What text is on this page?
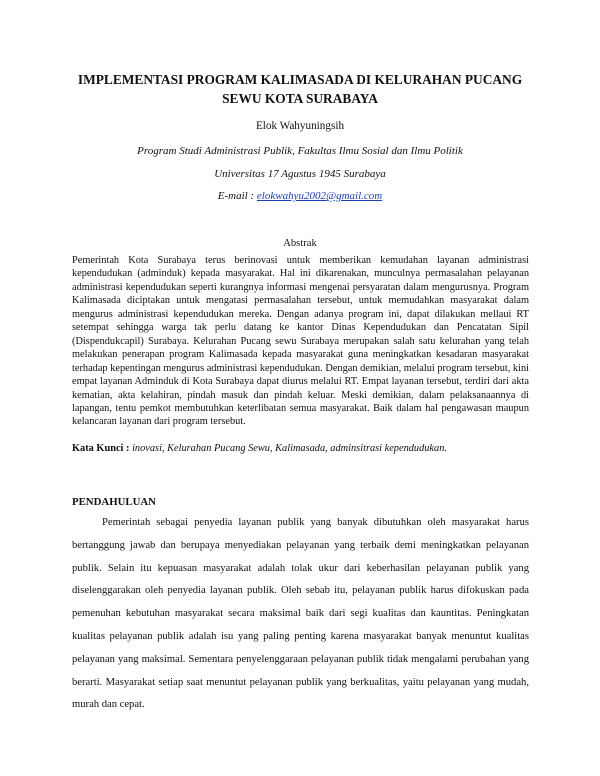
IMPLEMENTASI PROGRAM KALIMASADA DI KELURAHAN PUCANG SEWU KOTA SURABAYA

Elok Wahyuningsih

Program Studi Administrasi Publik, Fakultas Ilmu Sosial dan Ilmu Politik

Universitas 17 Agustus 1945 Surabaya

E-mail : elokwahyu2002@gmail.com

Abstrak

Pemerintah Kota Surabaya terus berinovasi untuk memberikan kemudahan layanan administrasi kependudukan (adminduk) kepada masyarakat. Hal ini dikarenakan, munculnya permasalahan pelayanan administrasi kependudukan seperti kurangnya informasi mengenai persyaratan dalam mengurusnya. Program Kalimasada diciptakan untuk mengatasi permasalahan tersebut, untuk memudahkan masyarakat dalam mengurus administrasi kependudukan mereka. Dengan adanya program ini, dapat dilakukan mellaui RT setempat sehingga warga tak perlu datang ke kantor Dinas Kependudukan dan Pencatatan Sipil (Dispendukcapil) Surabaya. Kelurahan Pucang sewu Surabaya merupakan salah satu kelurahan yang telah melakukan penerapan program Kalimasada kepada masyarakat guna meningkatkan kesadaran masyarakat terhadap kepentingan mengurus administrasi kependudukan. Dengan demikian, melalui program tersebut, kini empat layanan Adminduk di Kota Surabaya dapat diurus melalui RT. Empat layanan tersebut, terdiri dari akta kematian, akta kelahiran, pindah masuk dan pindah keluar. Meski demikian, dalam pelaksanaannya di lapangan, tentu pemkot membutuhkan keterlibatan semua masyarakat. Baik dalam hal pengawasan maupun kelancaran layanan dari program tersebut.

Kata Kunci : inovasi, Kelurahan Pucang Sewu, Kalimasada, adminsitrasi kependudukan.

PENDAHULUAN

Pemerintah sebagai penyedia layanan publik yang banyak dibutuhkan oleh masyarakat harus bertanggung jawab dan berupaya menyediakan pelayanan yang terbaik demi meningkatkan pelayanan publik. Selain itu kepuasan masyarakat adalah tolak ukur dari keberhasilan pelayanan publik yang diselenggarakan oleh penyedia layanan publik. Oleh sebab itu, pelayanan publik harus difokuskan pada pemenuhan kebutuhan masyarakat secara maksimal baik dari segi kualitas dan kauntitas. Peningkatan kualitas pelayanan publik adalah isu yang paling penting karena masyarakat banyak menuntut kualitas pelayanan yang maksimal. Sementara penyelenggaraan pelayanan publik tidak mengalami perubahan yang berarti. Masyarakat setiap saat menuntut pelayanan publik yang berkualitas, yaitu pelayanan yang mudah, murah dan cepat.
